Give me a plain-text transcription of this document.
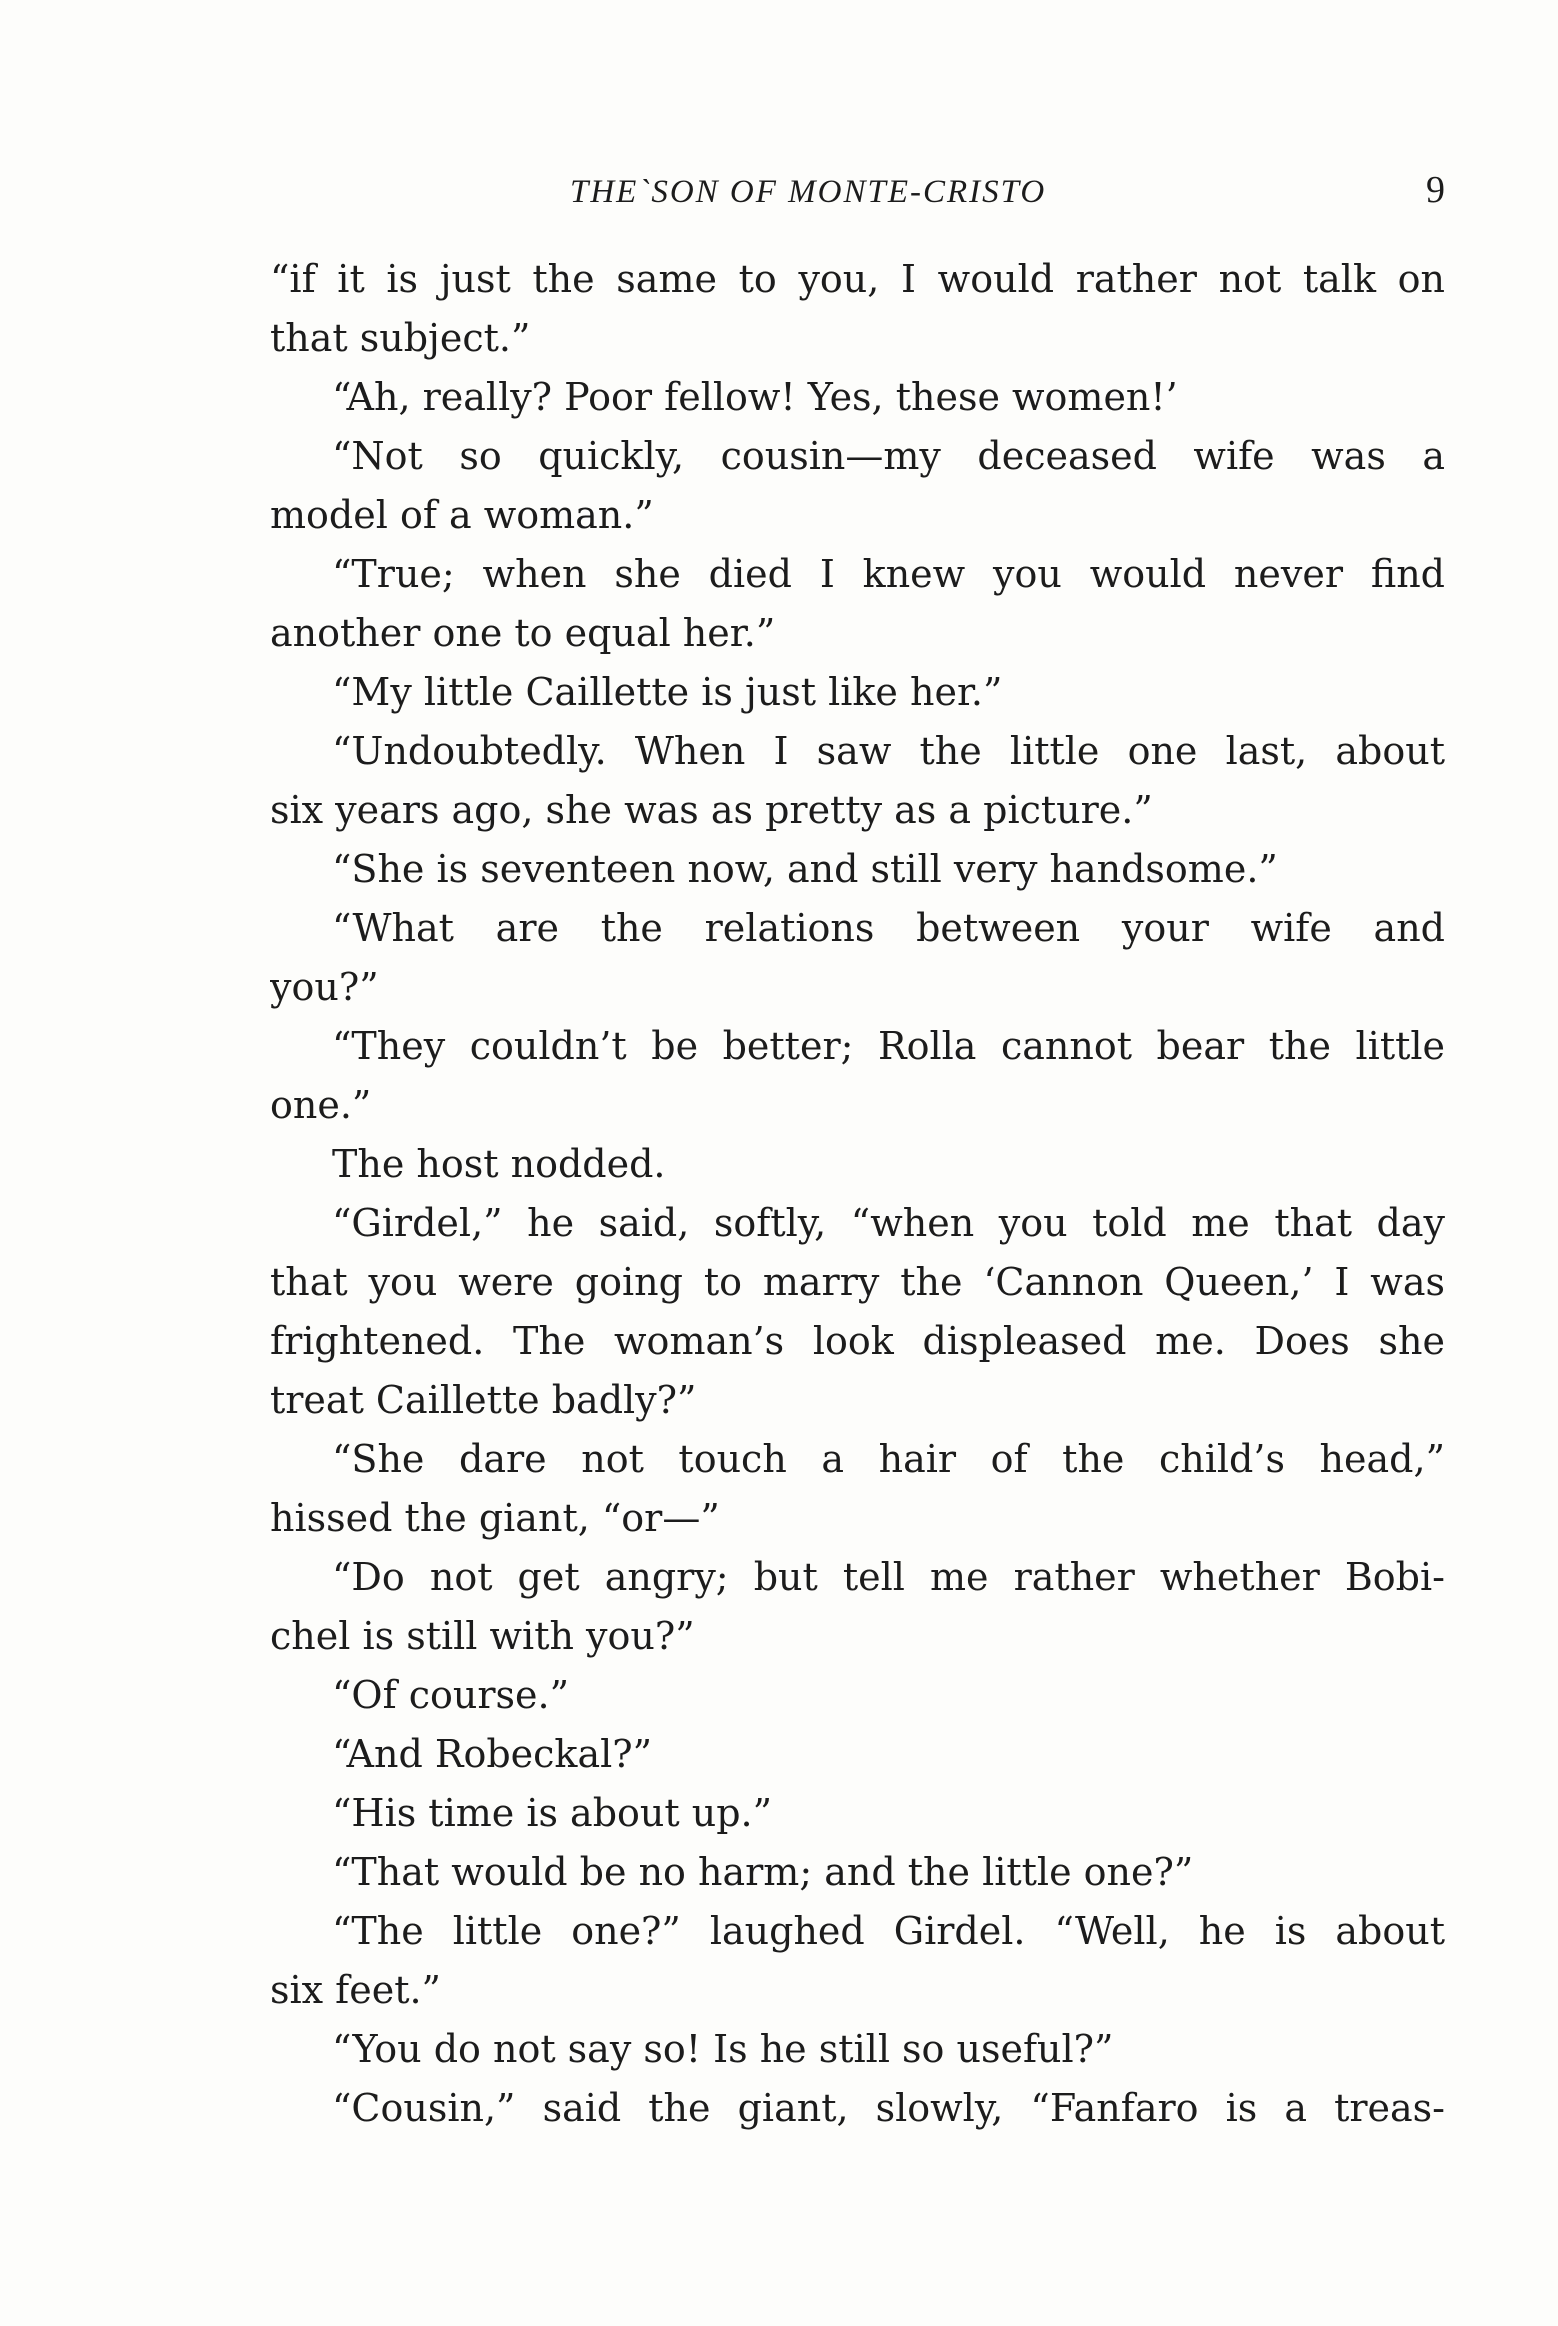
THE`SON OF MONTE-CRISTO	9
“if it is just the same to you, I would rather not talk on
that subject.”
“Ah, really? Poor fellow! Yes, these women!’
“Not so quickly, cousin—my deceased wife was a
model of a woman.”
“True; when she died I knew you would never find
another one to equal her.”
“My little Caillette is just like her.”
“Undoubtedly. When I saw the little one last, about
six years ago, she was as pretty as a picture.”
“She is seventeen now, and still very handsome.”
“What are the relations between your wife and
you?”
“They couldn’t be better; Rolla cannot bear the little
one.”
The host nodded.
“Girdel,” he said, softly, “when you told me that day
that you were going to marry the ‘Cannon Queen,’ I was
frightened. The woman’s look displeased me. Does she
treat Caillette badly?”
“She dare not touch a hair of the child’s head,”
hissed the giant, “or—”
“Do not get angry; but tell me rather whether Bobi-
chel is still with you?”
“Of course.”
“And Robeckal?”
“His time is about up.”
“That would be no harm; and the little one?”
“The little one?” laughed Girdel. “Well, he is about
six feet.”
“You do not say so! Is he still so useful?”
“Cousin,” said the giant, slowly, “Fanfaro is a treas-
